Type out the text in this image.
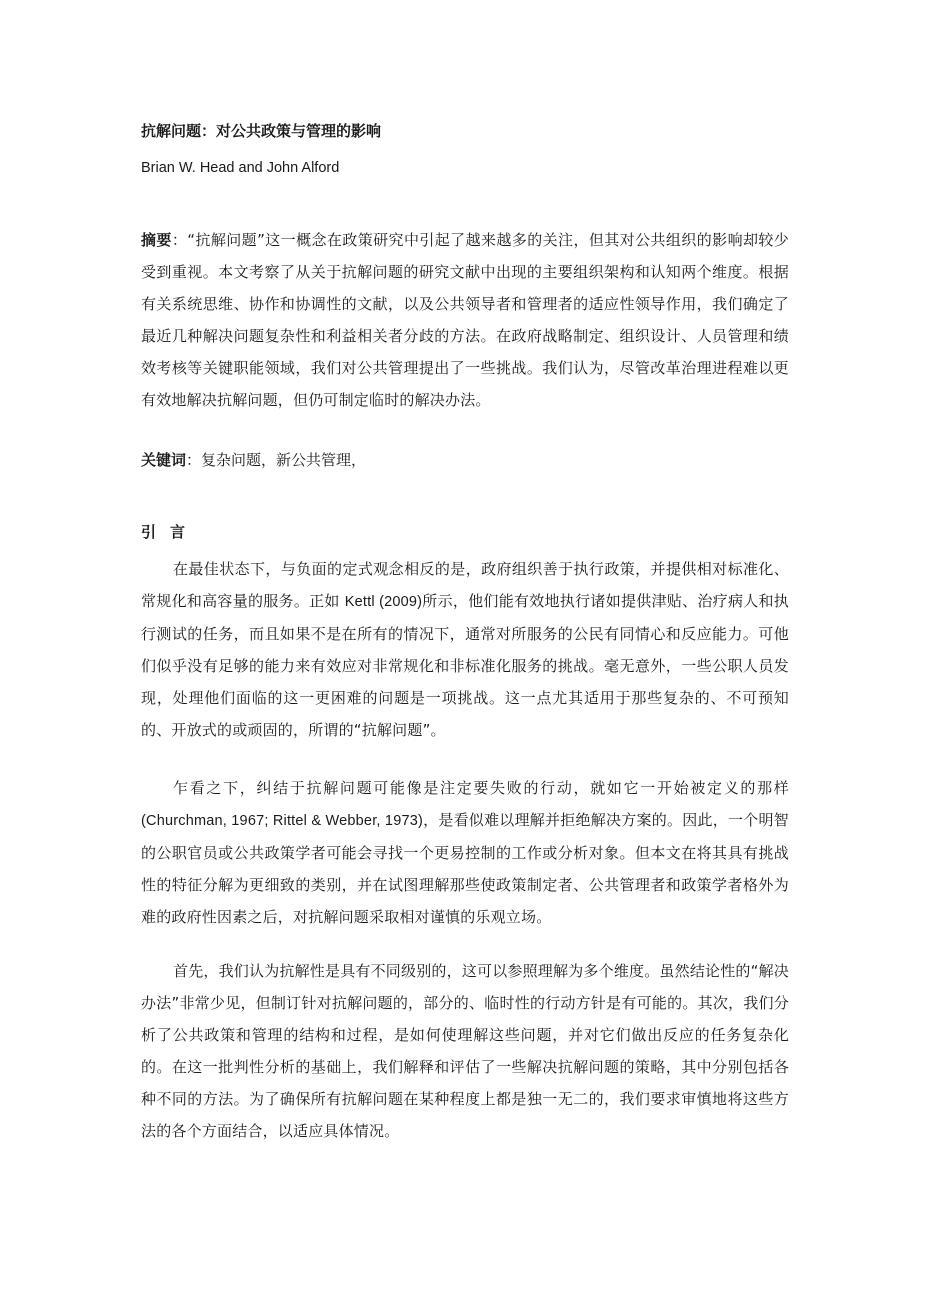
抗解问题：对公共政策与管理的影响
Brian W. Head and John Alford
摘要：“抗解问题”这一概念在政策研究中引起了越来越多的关注，但其对公共组织的影响却较少受到重视。本文考察了从关于抗解问题的研究文献中出现的主要组织架构和认知两个维度。根据有关系统思维、协作和协调性的文献，以及公共领导者和管理者的适应性领导作用，我们确定了最近几种解决问题复杂性和利益相关者分歧的方法。在政府战略制定、组织设计、人员管理和绩效考核等关键职能领域，我们对公共管理提出了一些挑战。我们认为，尽管改革治理进程难以更有效地解决抗解问题，但仍可制定临时的解决办法。
关键词：复杂问题，新公共管理，
引言
在最佳状态下，与负面的定式观念相反的是，政府组织善于执行政策，并提供相对标准化、常规化和高容量的服务。正如 Kettl (2009)所示，他们能有效地执行诸如提供津贴、治疗病人和执行测试的任务，而且如果不是在所有的情况下，通常对所服务的公民有同情心和反应能力。可他们似乎没有足够的能力来有效应对非常规化和非标准化服务的挑战。毫无意外，一些公职人员发现，处理他们面临的这一更困难的问题是一项挑战。这一点尤其适用于那些复杂的、不可预知的、开放式的或顽固的，所谓的“抗解问题”。
乍看之下，纠结于抗解问题可能像是注定要失败的行动，就如它一开始被定义的那样(Churchman, 1967; Rittel & Webber, 1973)，是看似难以理解并拒绝解决方案的。因此，一个明智的公职官员或公共政策学者可能会寻找一个更易控制的工作或分析对象。但本文在将其具有挑战性的特征分解为更细致的类别，并在试图理解那些使政策制定者、公共管理者和政策学者格外为难的政府性因素之后，对抗解问题采取相对谨慎的乐观立场。
首先，我们认为抗解性是具有不同级别的，这可以参照理解为多个维度。虽然结论性的“解决办法”非常少见，但制订针对抗解问题的，部分的、临时性的行动方针是有可能的。其次，我们分析了公共政策和管理的结构和过程，是如何使理解这些问题，并对它们做出反应的任务复杂化的。在这一批判性分析的基础上，我们解释和评估了一些解决抗解问题的策略，其中分别包括各种不同的方法。为了确保所有抗解问题在某种程度上都是独一无二的，我们要求审慎地将这些方法的各个方面结合，以适应具体情况。
